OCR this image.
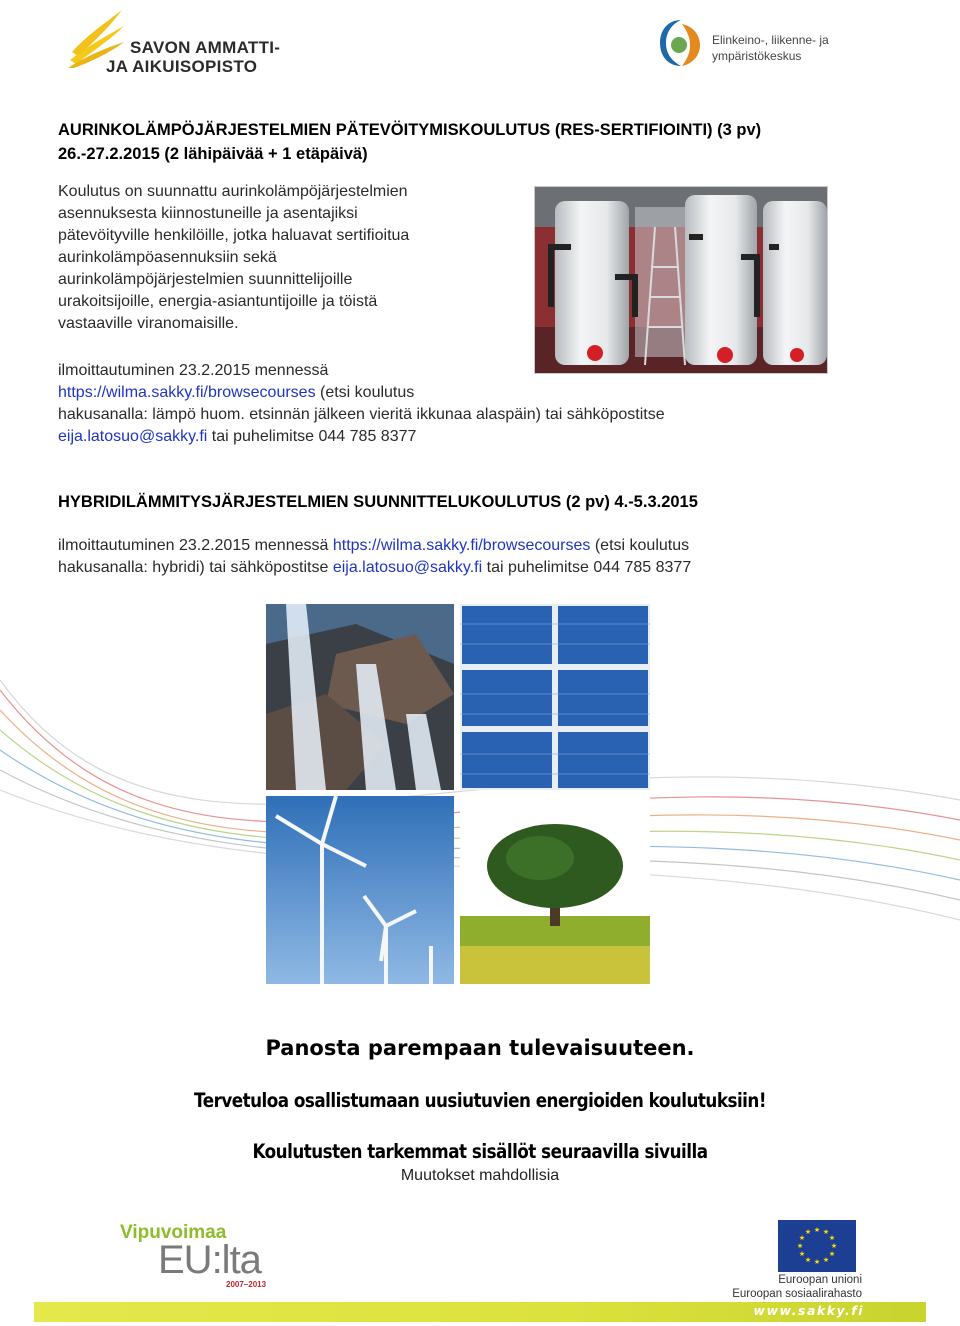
SAVON AMMATTI-
JA AIKUISOPISTO
Elinkeino-, liikenne- ja
ympäristökeskus
AURINKOLÄMPÖJÄRJESTELMIEN PÄTEVÖITYMISKOULUTUS (RES-SERTIFIOINTI) (3 pv) 26.-27.2.2015 (2 lähipäivää + 1 etäpäivä)
Koulutus on suunnattu aurinkolämpöjärjestelmien
asennuksesta kiinnostuneille ja asentajiksi
pätevöityville henkilöille, jotka haluavat sertifioitua
aurinkolämpöasennuksiin sekä
aurinkolämpöjärjestelmien suunnittelijoille
urakoitsijoille, energia-asiantuntijoille ja töistä
vastaaville viranomaisille.
ilmoittautuminen 23.2.2015 mennessä
https://wilma.sakky.fi/browsecourses (etsi koulutus
hakusanalla: lämpö huom. etsinnän jälkeen vieritä ikkunaa alaspäin) tai sähköpostitse
eija.latosuo@sakky.fi tai puhelimitse 044 785 8377
HYBRIDILÄMMITYSJÄRJESTELMIEN SUUNNITTELUKOULUTUS (2 pv) 4.-5.3.2015
ilmoittautuminen 23.2.2015 mennessä https://wilma.sakky.fi/browsecourses (etsi koulutus
hakusanalla: hybridi) tai sähköpostitse eija.latosuo@sakky.fi tai puhelimitse 044 785 8377
Panosta parempaan tulevaisuuteen.
Tervetuloa osallistumaan uusiutuvien energioiden koulutuksiin!
Koulutusten tarkemmat sisällöt seuraavilla sivuilla
Muutokset mahdollisia
Vipuvoimaa
EU:lta
2007–2013
★ ★
★
★
★
★
★
★
★
★
★
★
Euroopan unioni
Euroopan sosiaalirahasto
www.sakky.fi
